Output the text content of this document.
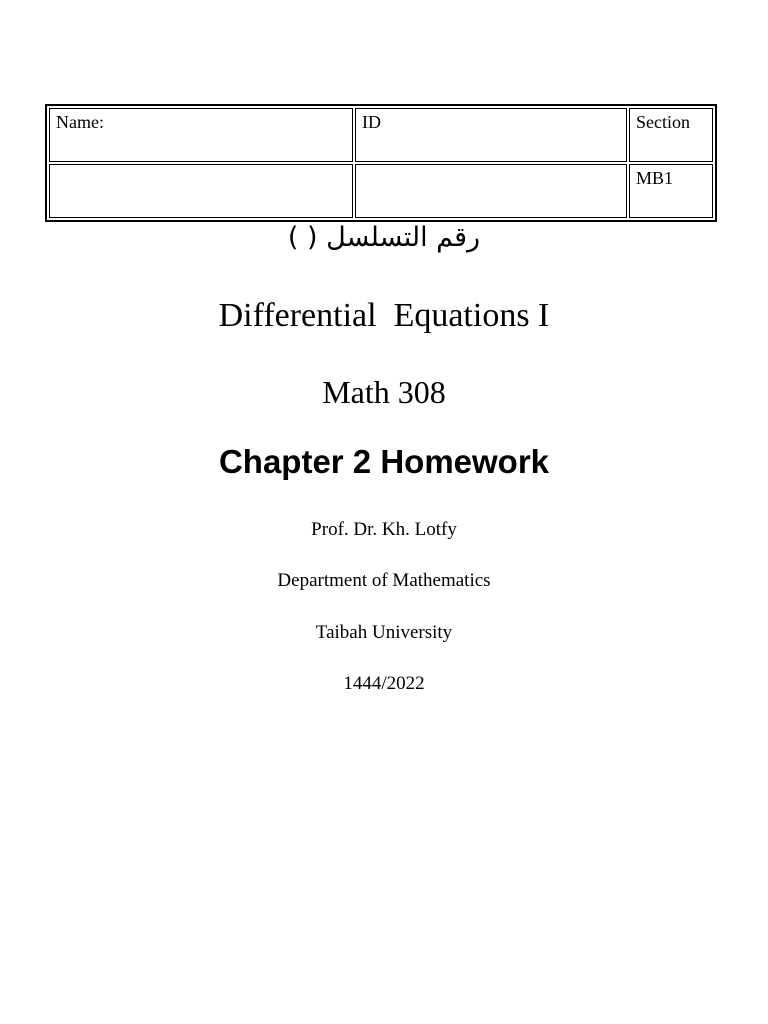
Name:	ID	Section
		MB1
رقم التسلسل ( )
Differential  Equations I
Math 308
Chapter 2 Homework
Prof. Dr. Kh. Lotfy
Department of Mathematics
Taibah University
1444/2022
